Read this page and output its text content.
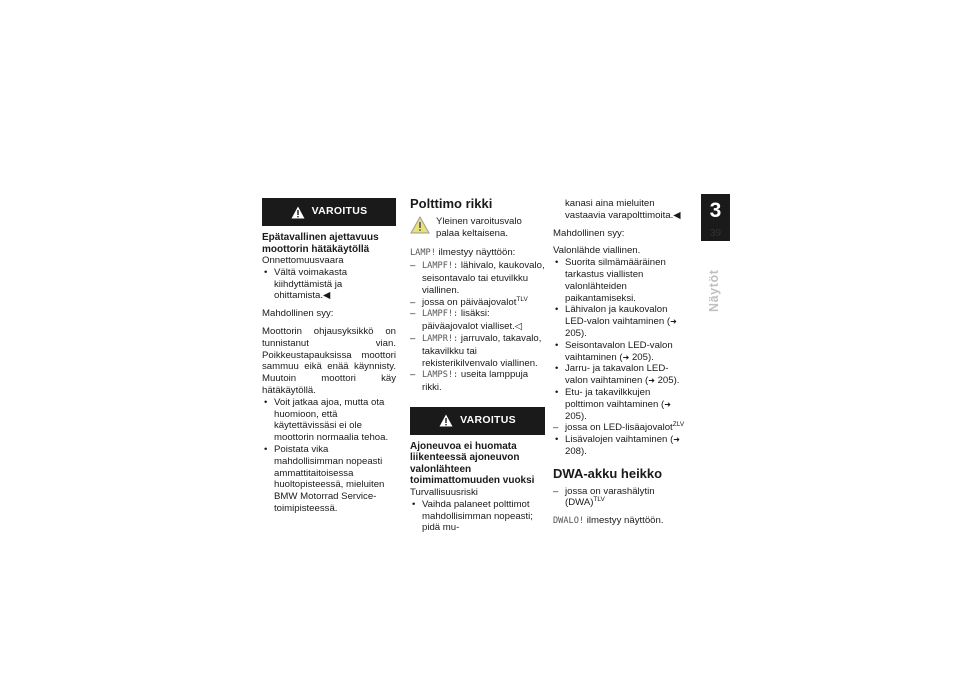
3
39
Näytöt
VAROITUS
Epätavallinen ajettavuus moottorin hätäkäytöllä

Onnettomuusvaara

• Vältä voimakasta kiihdyttämistä ja ohittamista.◀

Mahdollinen syy:

Moottorin ohjausyksikkö on tunnistanut vian. Poikkeustapauksissa moottori sammuu eikä enää käynnisty. Muutoin moottori käy hätäkäytöllä.

• Voit jatkaa ajoa, mutta ota huomioon, että käytettävissäsi ei ole moottorin normaalia tehoa.
• Poistata vika mahdollisimman nopeasti ammattitaitoisessa huoltopisteessä, mieluiten BMW Motorrad Service-toimipisteessä.
Polttimo rikki
Yleinen varoitusvalo palaa keltaisena.

LAMP! ilmestyy näyttöön:

– LAMPF!: lähivalo, kaukovalo, seisontavalo tai etuvilkku viallinen.
– jossa on päiväajovalot$^{TLV}$
– LAMPF!: lisäksi: päiväajovalot vialliset.◁
– LAMPR!: jarruvalo, takavalo, takavilkku tai rekisterikilvenvalo viallinen.
– LAMPS!: useita lamppuja rikki.
VAROITUS
Ajoneuvoa ei huomata liikenteessä ajoneuvon valonlähteen toimimattomuuden vuoksi

Turvallisuusriski

• Vaihda palaneet polttimot mahdollisimman nopeasti; pidä mu-

kanasi aina mieluiten vastaavia varapolttimoita.◀

Mahdollinen syy:

Valonlähde viallinen.

• Suorita silmämääräinen tarkastus viallisten valonlähteiden paikantamiseksi.
• Lähivalon ja kaukovalon LED-valon vaihtaminen (➜ 205).
• Seisontavalon LED-valon vaihtaminen (➜ 205).
• Jarru- ja takavalon LED-valon vaihtaminen (➜ 205).
• Etu- ja takavilkkujen polttimon vaihtaminen (➜ 205).
– jossa on LED-lisäajovalot$^{ZLV}$
• Lisävalojen vaihtaminen (➜ 208).
DWA-akku heikko
– jossa on varashälytin (DWA)$^{TLV}$

DWALO! ilmestyy näyttöön.
